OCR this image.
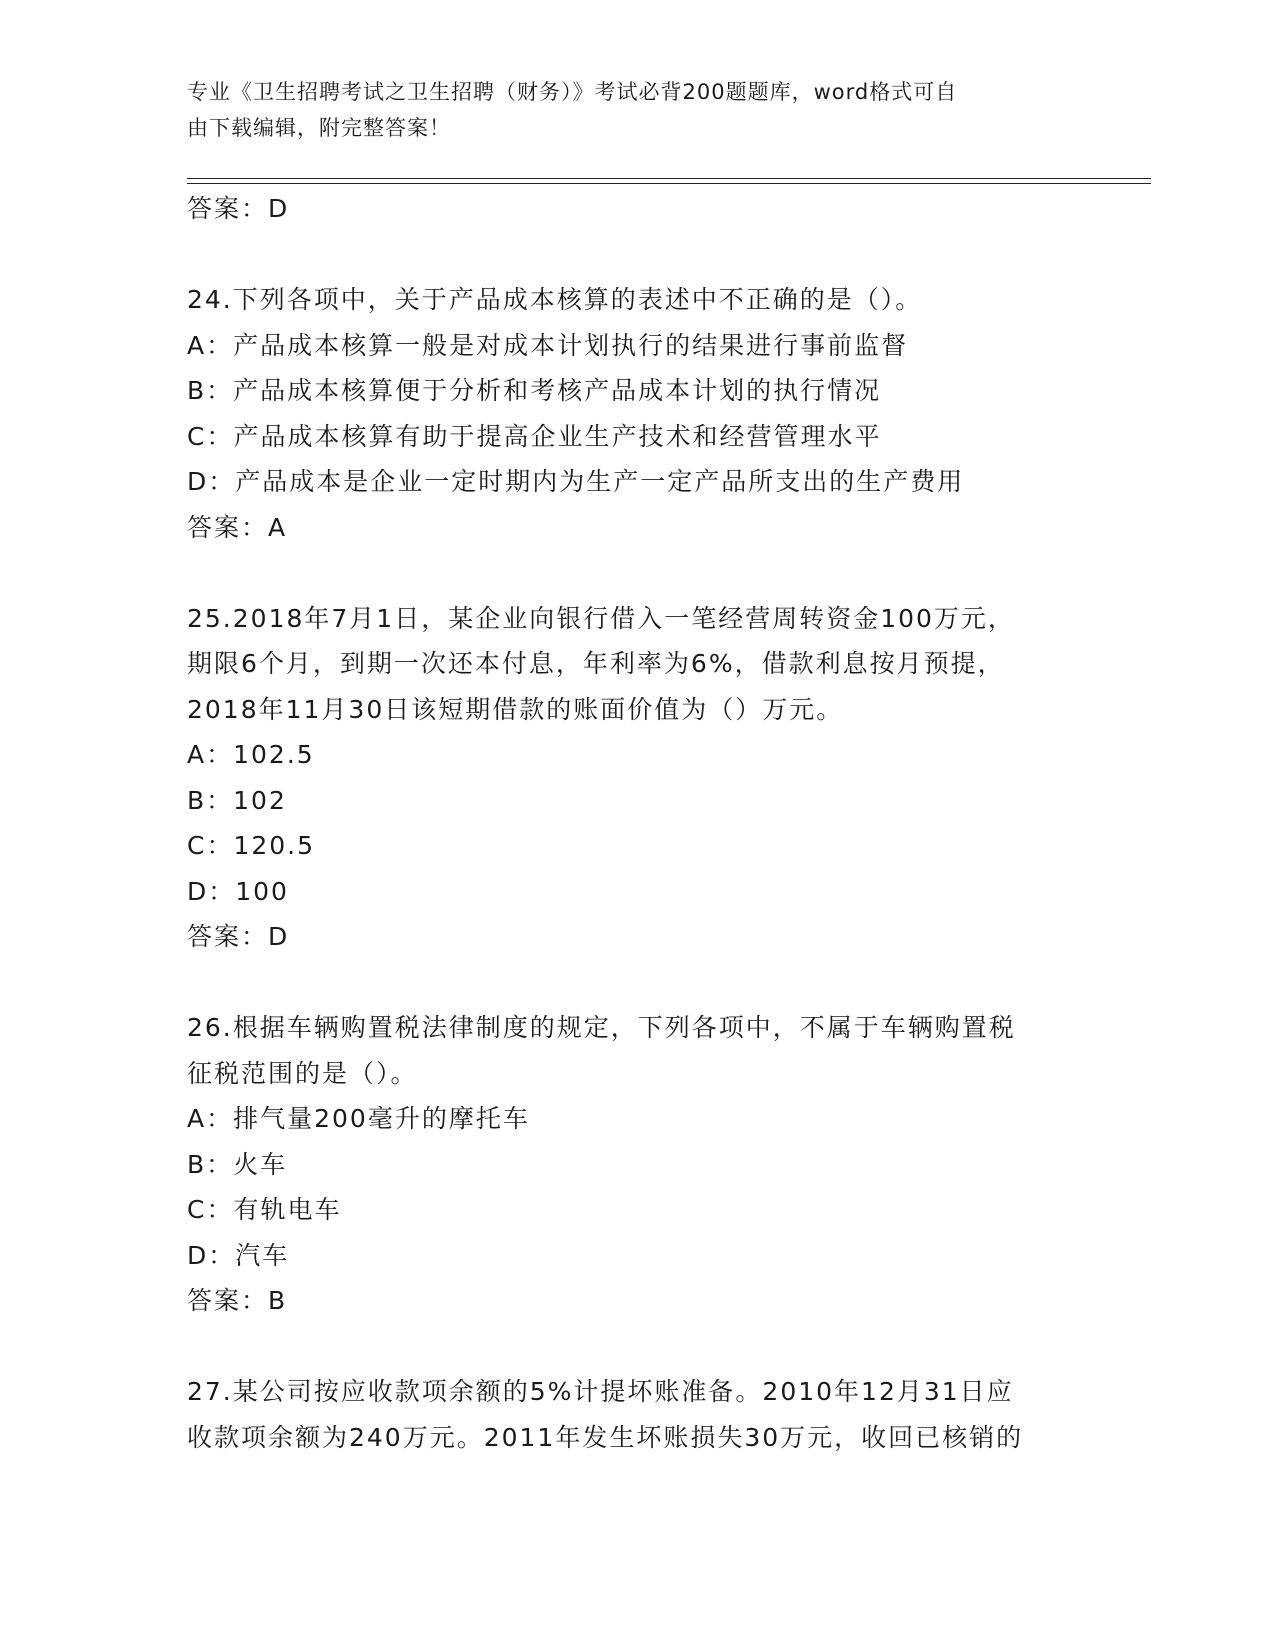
专业《卫生招聘考试之卫生招聘（财务）》考试必背200题题库，word格式可自
由下载编辑，附完整答案！
答案：D
24.下列各项中，关于产品成本核算的表述中不正确的是（）。
A：产品成本核算一般是对成本计划执行的结果进行事前监督
B：产品成本核算便于分析和考核产品成本计划的执行情况
C：产品成本核算有助于提高企业生产技术和经营管理水平
D：产品成本是企业一定时期内为生产一定产品所支出的生产费用
答案：A
25.2018年7月1日，某企业向银行借入一笔经营周转资金100万元，
期限6个月，到期一次还本付息，年利率为6%，借款利息按月预提，
2018年11月30日该短期借款的账面价值为（）万元。
A：102.5
B：102
C：120.5
D：100
答案：D
26.根据车辆购置税法律制度的规定，下列各项中，不属于车辆购置税
征税范围的是（）。
A：排气量200毫升的摩托车
B：火车
C：有轨电车
D：汽车
答案：B
27.某公司按应收款项余额的5%计提坏账准备。2010年12月31日应
收款项余额为240万元。2011年发生坏账损失30万元，收回已核销的
